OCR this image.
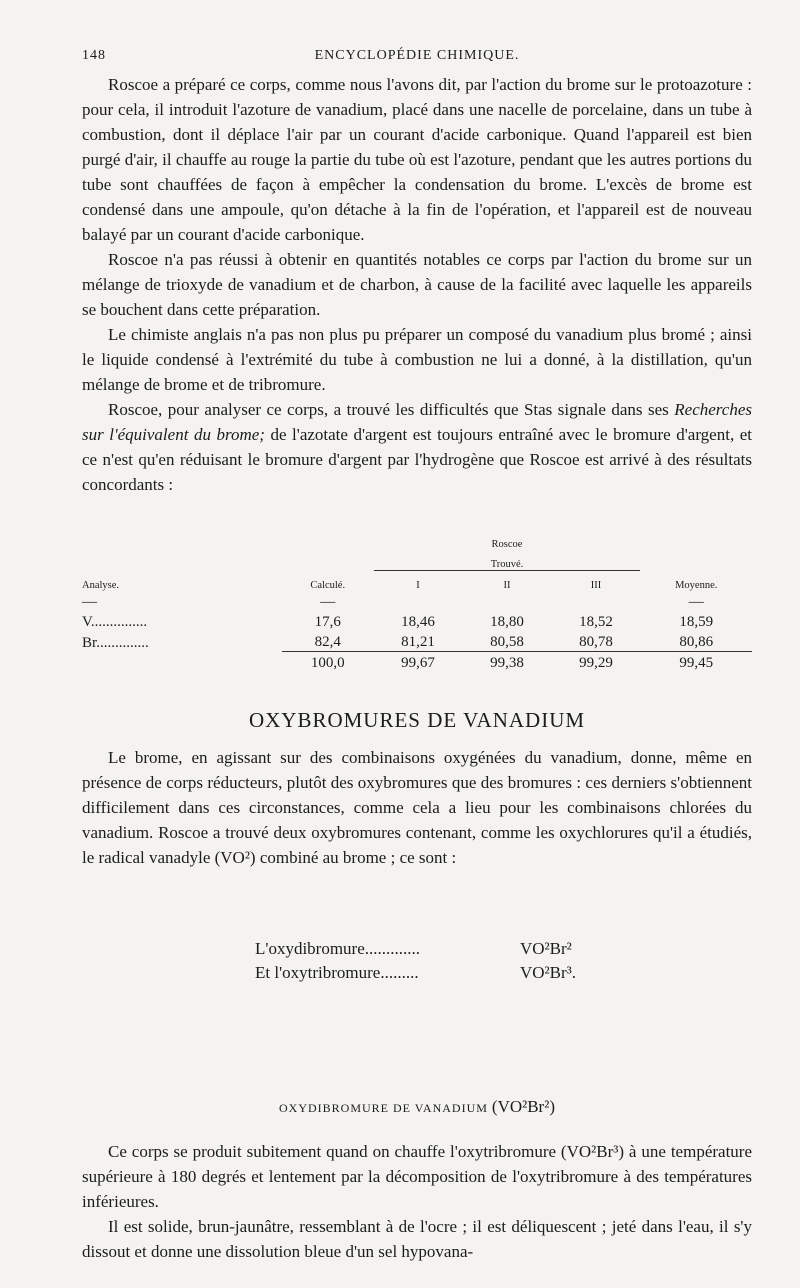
148	ENCYCLOPÉDIE CHIMIQUE.

Roscoe a préparé ce corps, comme nous l'avons dit, par l'action du brome sur le protoazoture : pour cela, il introduit l'azoture de vanadium, placé dans une nacelle de porcelaine, dans un tube à combustion, dont il déplace l'air par un courant d'acide carbonique. Quand l'appareil est bien purgé d'air, il chauffe au rouge la partie du tube où est l'azoture, pendant que les autres portions du tube sont chauffées de façon à empêcher la condensation du brome. L'excès de brome est condensé dans une ampoule, qu'on détache à la fin de l'opération, et l'appareil est de nouveau balayé par un courant d'acide carbonique.

Roscoe n'a pas réussi à obtenir en quantités notables ce corps par l'action du brome sur un mélange de trioxyde de vanadium et de charbon, à cause de la facilité avec laquelle les appareils se bouchent dans cette préparation.

Le chimiste anglais n'a pas non plus pu préparer un composé du vanadium plus bromé ; ainsi le liquide condensé à l'extrémité du tube à combustion ne lui a donné, à la distillation, qu'un mélange de brome et de tribromure.

Roscoe, pour analyser ce corps, a trouvé les difficultés que Stas signale dans ses Recherches sur l'équivalent du brome; de l'azotate d'argent est toujours entraîné avec le bromure d'argent, et ce n'est qu'en réduisant le bromure d'argent par l'hydrogène que Roscoe est arrivé à des résultats concordants :

			Roscoe		
			Trouvé.		
Analyse.	Calculé.	I	II	III	Moyenne.
—	—				—
V...............	17,6	18,46	18,80	18,52	18,59
Br..............	82,4	81,21	80,58	80,78	80,86
	100,0	99,67	99,38	99,29	99,45
OXYBROMURES DE VANADIUM

Le brome, en agissant sur des combinaisons oxygénées du vanadium, donne, même en présence de corps réducteurs, plutôt des oxybromures que des bromures : ces derniers s'obtiennent difficilement dans ces circonstances, comme cela a lieu pour les combinaisons chlorées du vanadium. Roscoe a trouvé deux oxybromures contenant, comme les oxychlorures qu'il a étudiés, le radical vanadyle (VO²) combiné au brome ; ce sont :

L'oxydibromure.............	VO²Br²
Et l'oxytribromure.........	VO²Br³.
OXYDIBROMURE DE VANADIUM (VO²Br²)

Ce corps se produit subitement quand on chauffe l'oxytribromure (VO²Br³) à une température supérieure à 180 degrés et lentement par la décomposition de l'oxytribromure à des températures inférieures.

Il est solide, brun-jaunâtre, ressemblant à de l'ocre ; il est déliquescent ; jeté dans l'eau, il s'y dissout et donne une dissolution bleue d'un sel hypovana-
